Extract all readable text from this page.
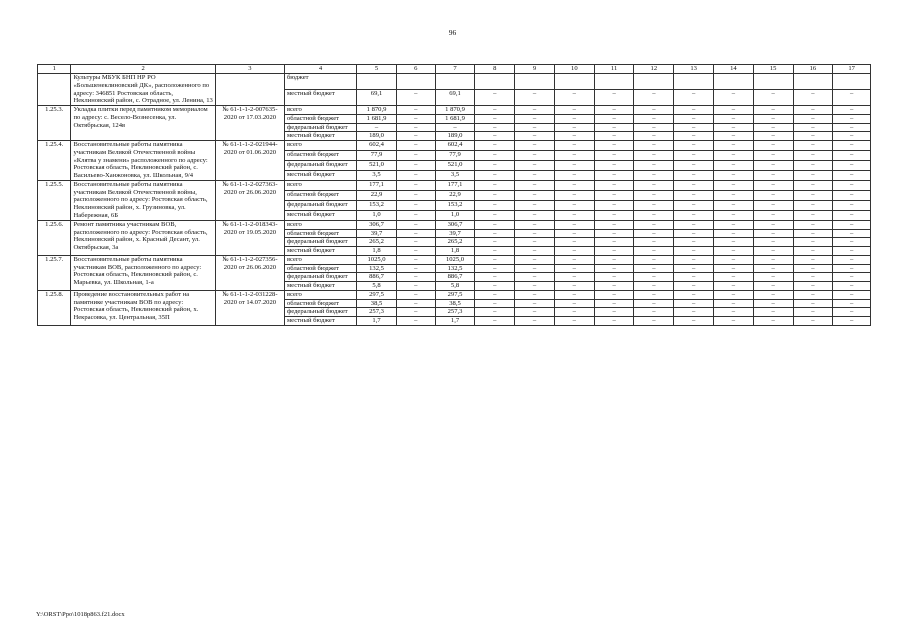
96
1	2	3	4	5	6	7	8	9	10	11	12	13	14	15	16	17
	Культуры МБУК БНП НР РО «Большенеклиновский ДК», расположенного по адресу: 346851 Ростовская область, Неклиновский район, с. Отрадное, ул. Ленина, 13		бюджет													
			местный бюджет	69,1	–	69,1	–	–	–	–	–	–	–	–	–	–
1.25.3.	Укладка плитки перед памятником мемориалом по адресу: с. Весело-Вознесенка, ул. Октябрьская, 124в	№ 61-1-1-2-007635-2020 от 17.03.2020	всего	1 870,9	–	1 870,9	–	–	–	–	–	–	–	–	–	–
			областной бюджет	1 681,9	–	1 681,9	–	–	–	–	–	–	–	–	–	–
			федеральный бюджет	–	–	–	–	–	–	–	–	–	–	–	–	–
			местный бюджет	189,0	–	189,0	–	–	–	–	–	–	–	–	–	–
1.25.4.	Восстановительные работы памятника участникам Великой Отечественной войны «Клятва у знамени» расположенного по адресу: Ростовская область, Неклиновский район, с. Васильево-Ханжоновка, ул. Школьная, 9/4	№ 61-1-1-2-021944-2020 от 01.06.2020	всего	602,4	–	602,4	–	–	–	–	–	–	–	–	–	–
			областной бюджет	77,9	–	77,9	–	–	–	–	–	–	–	–	–	–
			федеральный бюджет	521,0	–	521,0	–	–	–	–	–	–	–	–	–	–
			местный бюджет	3,5	–	3,5	–	–	–	–	–	–	–	–	–	–
1.25.5.	Восстановительные работы памятника участникам Великой Отечественной войны, расположенного по адресу: Ростовская область, Неклиновский район, х. Грузиновка, ул. Набережная, 6Б	№ 61-1-1-2-027363-2020 от 26.06.2020	всего	177,1	–	177,1	–	–	–	–	–	–	–	–	–	–
			областной бюджет	22,9	–	22,9	–	–	–	–	–	–	–	–	–	–
			федеральный бюджет	153,2	–	153,2	–	–	–	–	–	–	–	–	–	–
			местный бюджет	1,0	–	1,0	–	–	–	–	–	–	–	–	–	–
1.25.6.	Ремонт памятника участникам ВОВ, расположенного по адресу: Ростовская область, Неклиновский район, х. Красный Десант, ул. Октябрьская, 3а	№ 61-1-1-2-018343-2020 от 19.05.2020	всего	306,7	–	306,7	–	–	–	–	–	–	–	–	–	–
			областной бюджет	39,7	–	39,7	–	–	–	–	–	–	–	–	–	–
			федеральный бюджет	265,2	–	265,2	–	–	–	–	–	–	–	–	–	–
			местный бюджет	1,8	–	1,8	–	–	–	–	–	–	–	–	–	–
1.25.7.	Восстановительные работы памятника участникам ВОВ, расположенного по адресу: Ростовская область, Неклиновский район, с. Марьевка, ул. Школьная, 1-а	№ 61-1-1-2-027356-2020 от 26.06.2020	всего	1025,0	–	1025,0	–	–	–	–	–	–	–	–	–	–
			областной бюджет	132,5	–	132,5	–	–	–	–	–	–	–	–	–	–
			федеральный бюджет	886,7	–	886,7	–	–	–	–	–	–	–	–	–	–
			местный бюджет	5,8	–	5,8	–	–	–	–	–	–	–	–	–	–
1.25.8.	Проведение восстановительных работ на памятнике участникам ВОВ по адресу: Ростовская область, Неклиновский район, х. Некрасовка, ул. Центральная, 35П	№ 61-1-1-2-031228-2020 от 14.07.2020	всего	297,5	–	297,5	–	–	–	–	–	–	–	–	–	–
			областной бюджет	38,5	–	38,5	–	–	–	–	–	–	–	–	–	–
			федеральный бюджет	257,3	–	257,3	–	–	–	–	–	–	–	–	–	–
			местный бюджет	1,7	–	1,7	–	–	–	–	–	–	–	–	–	–
Y:\ORST\Ppo\1018p863.f21.docx
